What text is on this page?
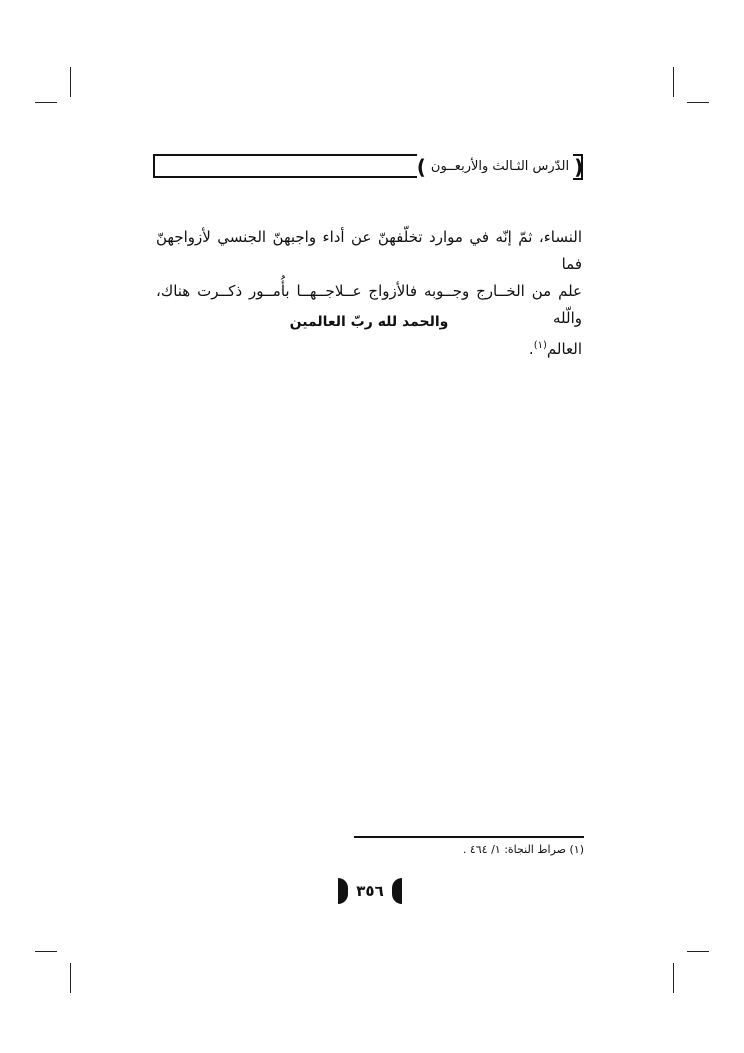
(
الدّرس الثـالث والأربعــون
)

النساء، ثمّ إنّه في موارد تخلّفهنّ عن أداء واجبهنّ الجنسي لأزواجهنّ فما

علم من الخــارج وجــوبه فالأزواج عــلاجــهــا بأُمــور ذكــرت هناك، والّله

العالم$^{(١)}$.

والحمد لله ربّ العالمين
(١) صراط النجاة: ١/ ٤٦٤ .
٣٥٦
